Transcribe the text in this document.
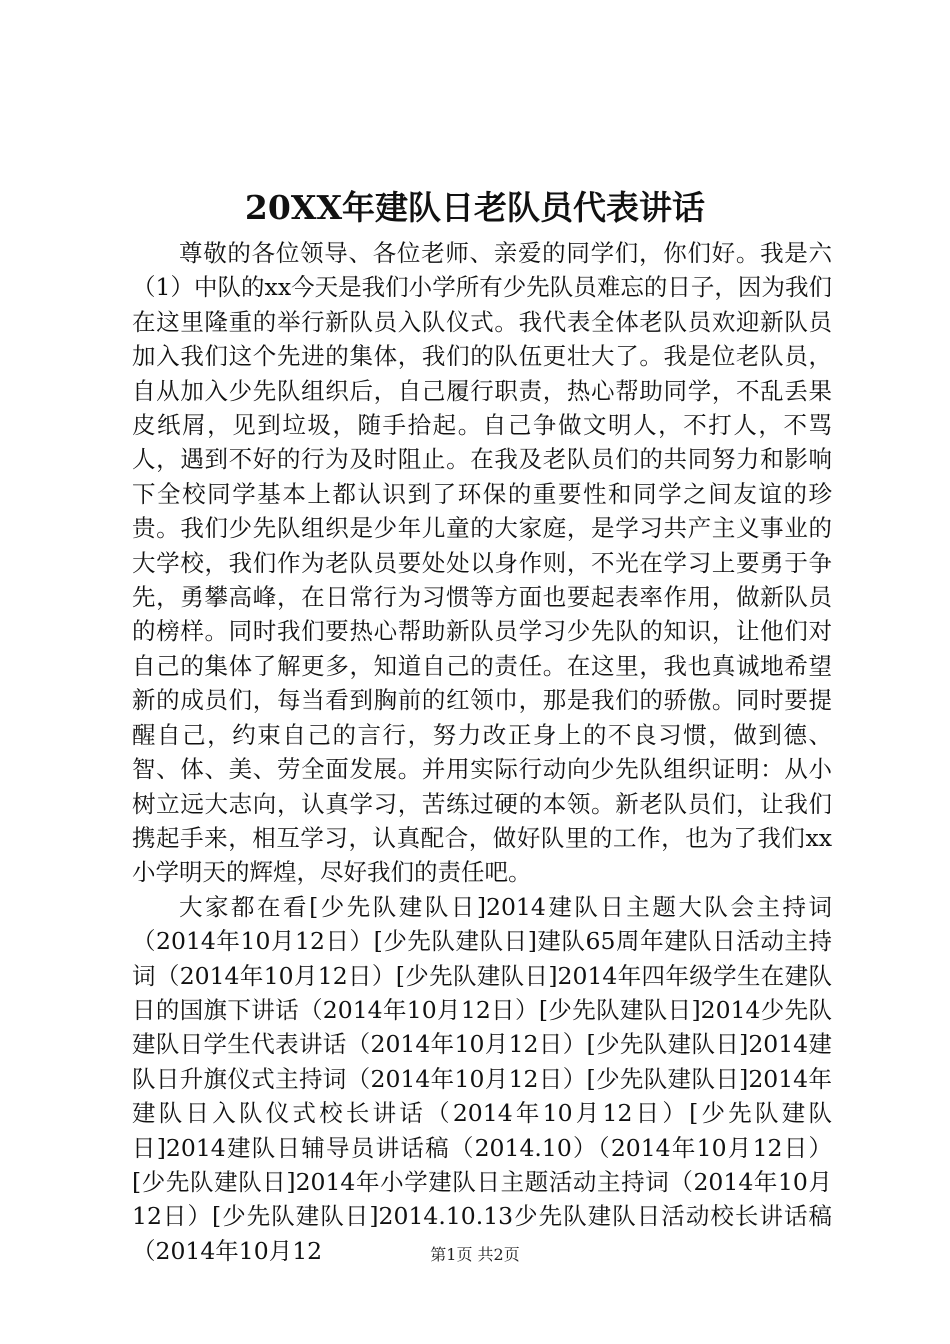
20XX年建队日老队员代表讲话

尊敬的各位领导、各位老师、亲爱的同学们，你们好。我是六（1）中队的xx今天是我们小学所有少先队员难忘的日子，因为我们在这里隆重的举行新队员入队仪式。我代表全体老队员欢迎新队员加入我们这个先进的集体，我们的队伍更壮大了。我是位老队员，自从加入少先队组织后，自己履行职责，热心帮助同学，不乱丢果皮纸屑，见到垃圾，随手拾起。自己争做文明人，不打人，不骂人，遇到不好的行为及时阻止。在我及老队员们的共同努力和影响下全校同学基本上都认识到了环保的重要性和同学之间友谊的珍贵。我们少先队组织是少年儿童的大家庭，是学习共产主义事业的大学校，我们作为老队员要处处以身作则，不光在学习上要勇于争先，勇攀高峰，在日常行为习惯等方面也要起表率作用，做新队员的榜样。同时我们要热心帮助新队员学习少先队的知识，让他们对自己的集体了解更多，知道自己的责任。在这里，我也真诚地希望新的成员们，每当看到胸前的红领巾，那是我们的骄傲。同时要提醒自己，约束自己的言行，努力改正身上的不良习惯，做到德、智、体、美、劳全面发展。并用实际行动向少先队组织证明：从小树立远大志向，认真学习，苦练过硬的本领。新老队员们，让我们携起手来，相互学习，认真配合，做好队里的工作，也为了我们xx小学明天的辉煌，尽好我们的责任吧。

大家都在看[少先队建队日]2014建队日主题大队会主持词（2014年10月12日）[少先队建队日]建队65周年建队日活动主持词（2014年10月12日）[少先队建队日]2014年四年级学生在建队日的国旗下讲话（2014年10月12日）[少先队建队日]2014少先队建队日学生代表讲话（2014年10月12日）[少先队建队日]2014建队日升旗仪式主持词（2014年10月12日）[少先队建队日]2014年建队日入队仪式校长讲话（2014年10月12日）[少先队建队日]2014建队日辅导员讲话稿（2014.10）（2014年10月12日）[少先队建队日]2014年小学建队日主题活动主持词（2014年10月12日）[少先队建队日]2014.10.13少先队建队日活动校长讲话稿（2014年10月12	第1页 共2页
